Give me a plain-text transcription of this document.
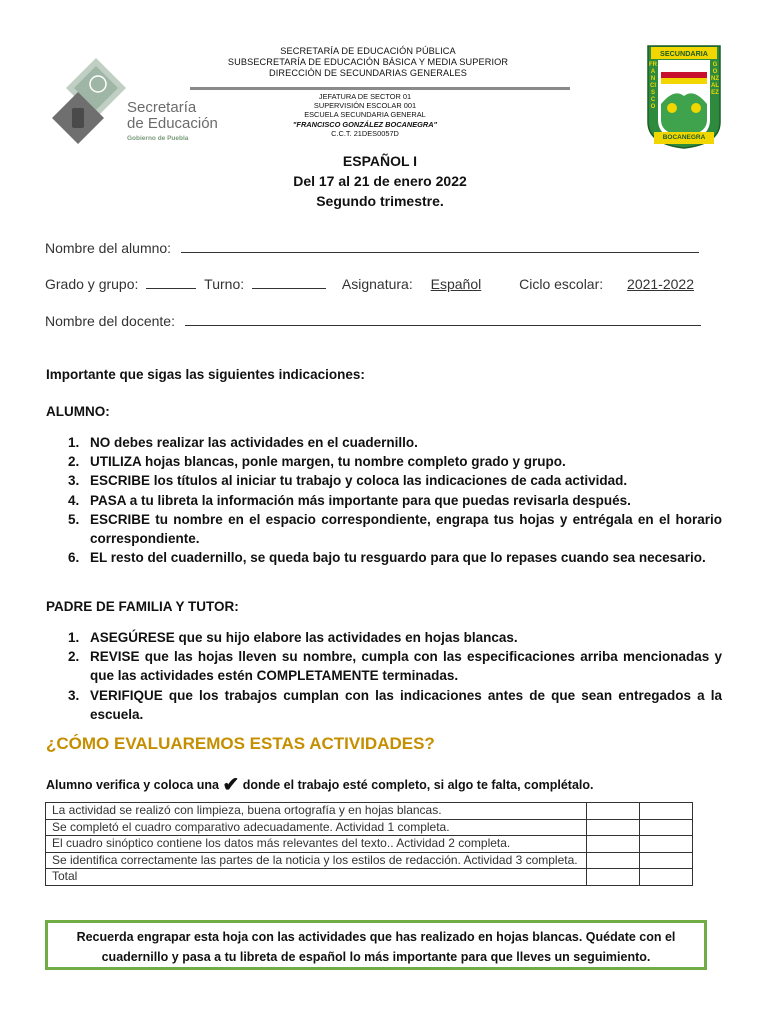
Secretaría
de Educación
Gobierno de Puebla
SECRETARÍA DE EDUCACIÓN PÚBLICA
SUBSECRETARÍA DE EDUCACIÓN BÁSICA Y MEDIA SUPERIOR
DIRECCIÓN DE SECUNDARIAS GENERALES
JEFATURA DE SECTOR 01
SUPERVISIÓN ESCOLAR 001
ESCUELA SECUNDARIA GENERAL
"FRANCISCO GONZÁLEZ BOCANEGRA"
C.C.T. 21DES0057D
ESPAÑOL I
Del 17 al 21 de enero 2022
Segundo trimestre.
SECUNDARIA
FRANCISCO
GONZALEZ
BOCANEGRA
Nombre del alumno:
Grado y grupo:	Turno:	Asignatura: Español	Ciclo escolar: 2021-2022
Nombre del docente:
Importante que sigas las siguientes indicaciones:
ALUMNO:
1. NO debes realizar las actividades en el cuadernillo.
2. UTILIZA hojas blancas, ponle margen, tu nombre completo grado y grupo.
3. ESCRIBE los títulos al iniciar tu trabajo y coloca las indicaciones de cada actividad.
4. PASA a tu libreta la información más importante para que puedas revisarla después.
5. ESCRIBE tu nombre en el espacio correspondiente, engrapa tus hojas y entrégala en el horario correspondiente.
6. EL resto del cuadernillo, se queda bajo tu resguardo para que lo repases cuando sea necesario.
PADRE DE FAMILIA Y TUTOR:
1. ASEGÚRESE que su hijo elabore las actividades en hojas blancas.
2. REVISE que las hojas lleven su nombre, cumpla con las especificaciones arriba mencionadas y que las actividades estén COMPLETAMENTE terminadas.
3. VERIFIQUE que los trabajos cumplan con las indicaciones antes de que sean entregados a la escuela.
¿CÓMO EVALUAREMOS ESTAS ACTIVIDADES?
Alumno verifica y coloca una ✔ donde el trabajo esté completo, si algo te falta, complétalo.
La actividad se realizó con limpieza, buena ortografía y en hojas blancas.		
Se completó el cuadro comparativo adecuadamente. Actividad 1 completa.		
El cuadro sinóptico contiene los datos más relevantes del texto.. Actividad 2 completa.		
Se identifica correctamente las partes de la noticia y los estilos de redacción. Actividad 3 completa.		
Total		
Recuerda engrapar esta hoja con las actividades que has realizado en hojas blancas. Quédate con el cuadernillo y pasa a tu libreta de español lo más importante para que lleves un seguimiento.
